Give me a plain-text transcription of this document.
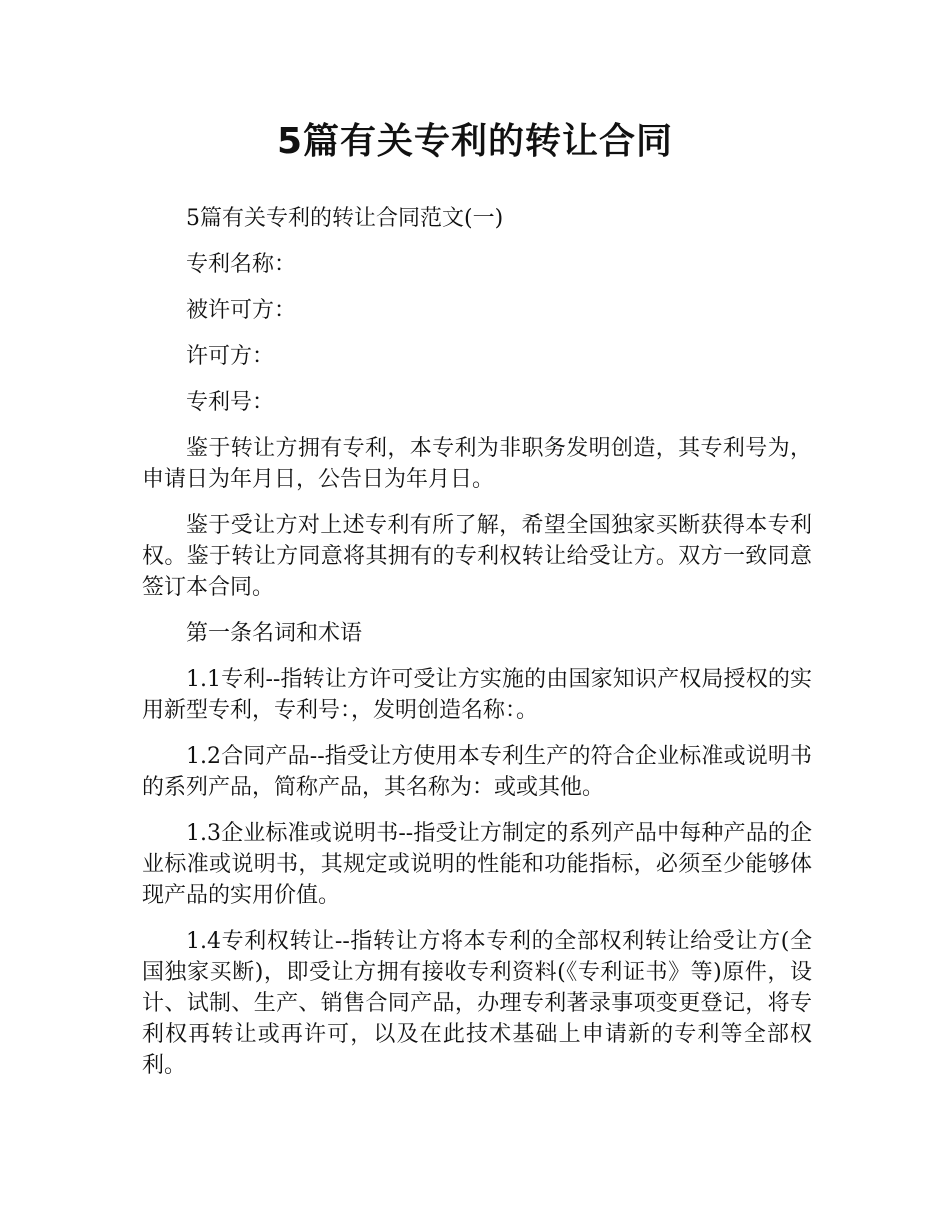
5篇有关专利的转让合同

5篇有关专利的转让合同范文(一)

专利名称：

被许可方：

许可方：

专利号：

鉴于转让方拥有专利，本专利为非职务发明创造，其专利号为，申请日为年月日，公告日为年月日。

鉴于受让方对上述专利有所了解，希望全国独家买断获得本专利权。鉴于转让方同意将其拥有的专利权转让给受让方。双方一致同意签订本合同。

第一条名词和术语

1.1专利--指转让方许可受让方实施的由国家知识产权局授权的实用新型专利，专利号：，发明创造名称：。

1.2合同产品--指受让方使用本专利生产的符合企业标准或说明书的系列产品，简称产品，其名称为：或或其他。

1.3企业标准或说明书--指受让方制定的系列产品中每种产品的企业标准或说明书，其规定或说明的性能和功能指标，必须至少能够体现产品的实用价值。

1.4专利权转让--指转让方将本专利的全部权利转让给受让方(全国独家买断)，即受让方拥有接收专利资料(《专利证书》等)原件，设计、试制、生产、销售合同产品，办理专利著录事项变更登记，将专利权再转让或再许可，以及在此技术基础上申请新的专利等全部权利。
